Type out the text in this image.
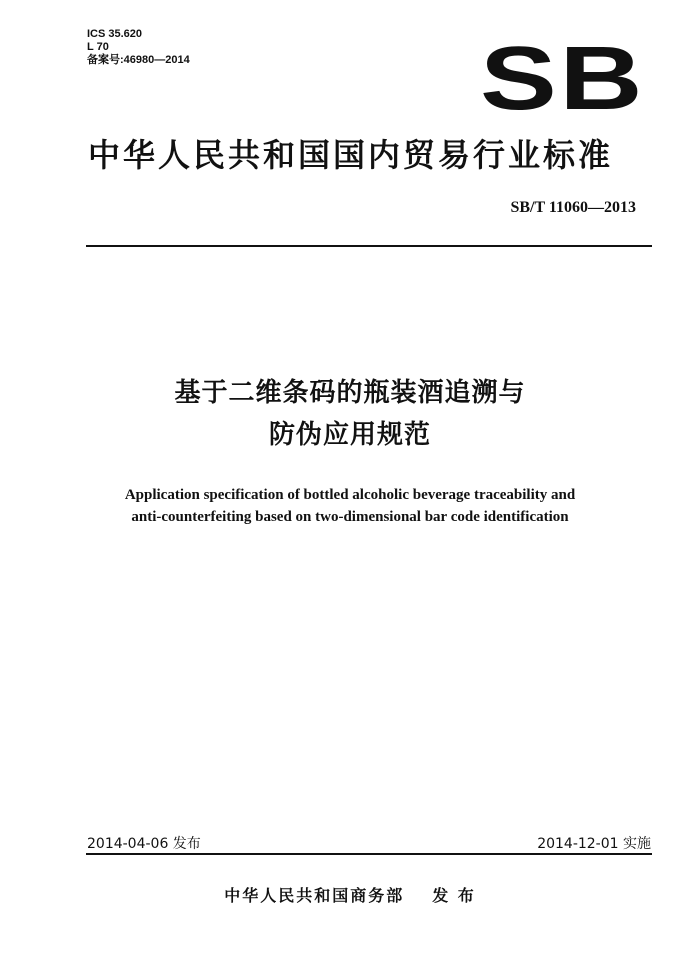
ICS 35.620
L 70
备案号:46980—2014	SB
中华人民共和国国内贸易行业标准
SB/T 11060—2013
基于二维条码的瓶装酒追溯与
防伪应用规范
Application specification of bottled alcoholic beverage traceability and
anti-counterfeiting based on two-dimensional bar code identification
2014-04-06 发布	2014-12-01 实施
中华人民共和国商务部 发 布
